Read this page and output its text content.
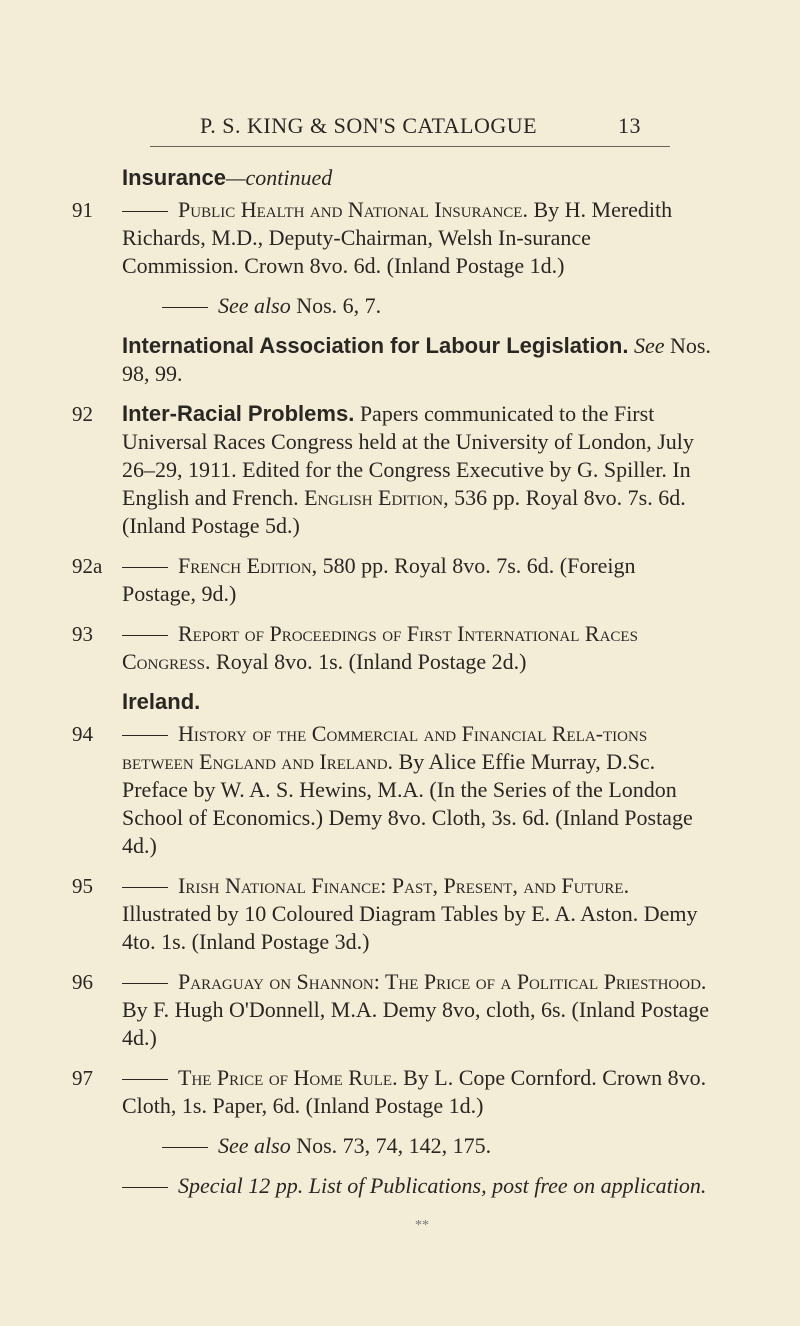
P. S. KING & SON'S CATALOGUE	13
Insurance—continued
91	Public Health and National Insurance. By H. Meredith Richards, M.D., Deputy-Chairman, Welsh In-surance Commission. Crown 8vo. 6d. (Inland Postage 1d.)
See also Nos. 6, 7.
International Association for Labour Legislation. See Nos. 98, 99.
92	Inter-Racial Problems. Papers communicated to the First Universal Races Congress held at the University of London, July 26–29, 1911. Edited for the Congress Executive by G. Spiller. In English and French. English Edition, 536 pp. Royal 8vo. 7s. 6d. (Inland Postage 5d.)
92a	French Edition, 580 pp. Royal 8vo. 7s. 6d. (Foreign Postage, 9d.)
93	Report of Proceedings of First International Races Congress. Royal 8vo. 1s. (Inland Postage 2d.)
Ireland.
94	History of the Commercial and Financial Rela-tions between England and Ireland. By Alice Effie Murray, D.Sc. Preface by W. A. S. Hewins, M.A. (In the Series of the London School of Economics.) Demy 8vo. Cloth, 3s. 6d. (Inland Postage 4d.)
95	Irish National Finance: Past, Present, and Future. Illustrated by 10 Coloured Diagram Tables by E. A. Aston. Demy 4to. 1s. (Inland Postage 3d.)
96	Paraguay on Shannon: The Price of a Political Priesthood. By F. Hugh O'Donnell, M.A. Demy 8vo, cloth, 6s. (Inland Postage 4d.)
97	The Price of Home Rule. By L. Cope Cornford. Crown 8vo. Cloth, 1s. Paper, 6d. (Inland Postage 1d.)
See also Nos. 73, 74, 142, 175.
Special 12 pp. List of Publications, post free on application.
**
